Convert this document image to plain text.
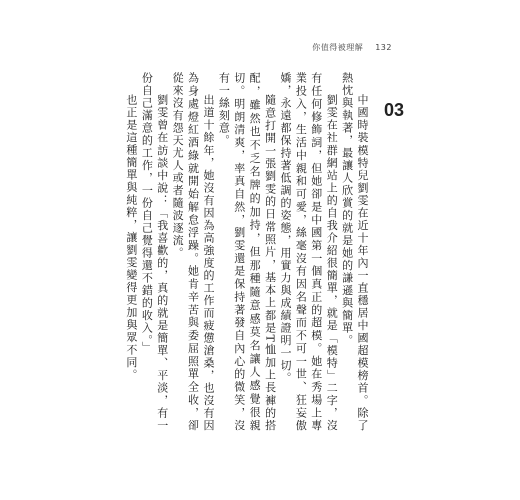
你值得被理解 132
03

中國時裝模特兒劉雯在近十年內一直穩居中國超模榜首。除了熱忱與執著，最讓人欣賞的就是她的謙遜與簡單。

劉雯在社群網站上的自我介紹很簡單，就是「模特」二字，沒有任何修飾詞，但她卻是中國第一個真正的超模。她在秀場上專業投入，生活中親和可愛，絲毫沒有因名聲而不可一世、狂妄傲嬌，永遠都保持著低調的姿態，用實力與成績證明一切。

隨意打開一張劉雯的日常照片，基本上都是T恤加上長褲的搭配，雖然也不乏名牌的加持，但那種隨意感莫名讓人感覺很親切。明朗清爽，率真自然，劉雯還是保持著發自內心的微笑，沒有一絲刻意。

出道十餘年，她沒有因為高強度的工作而疲憊滄桑，也沒有因為身處燈紅酒綠就開始解怠浮躁。她肯辛苦與委屈照單全收，卻從來沒有怨天尤人或者隨波逐流。

劉雯曾在訪談中說：「我喜歡的，真的就是簡單、平淡，有一份自己滿意的工作，一份自己覺得還不錯的收入。」

也正是這種簡單與純粹，讓劉雯變得更加與眾不同。
